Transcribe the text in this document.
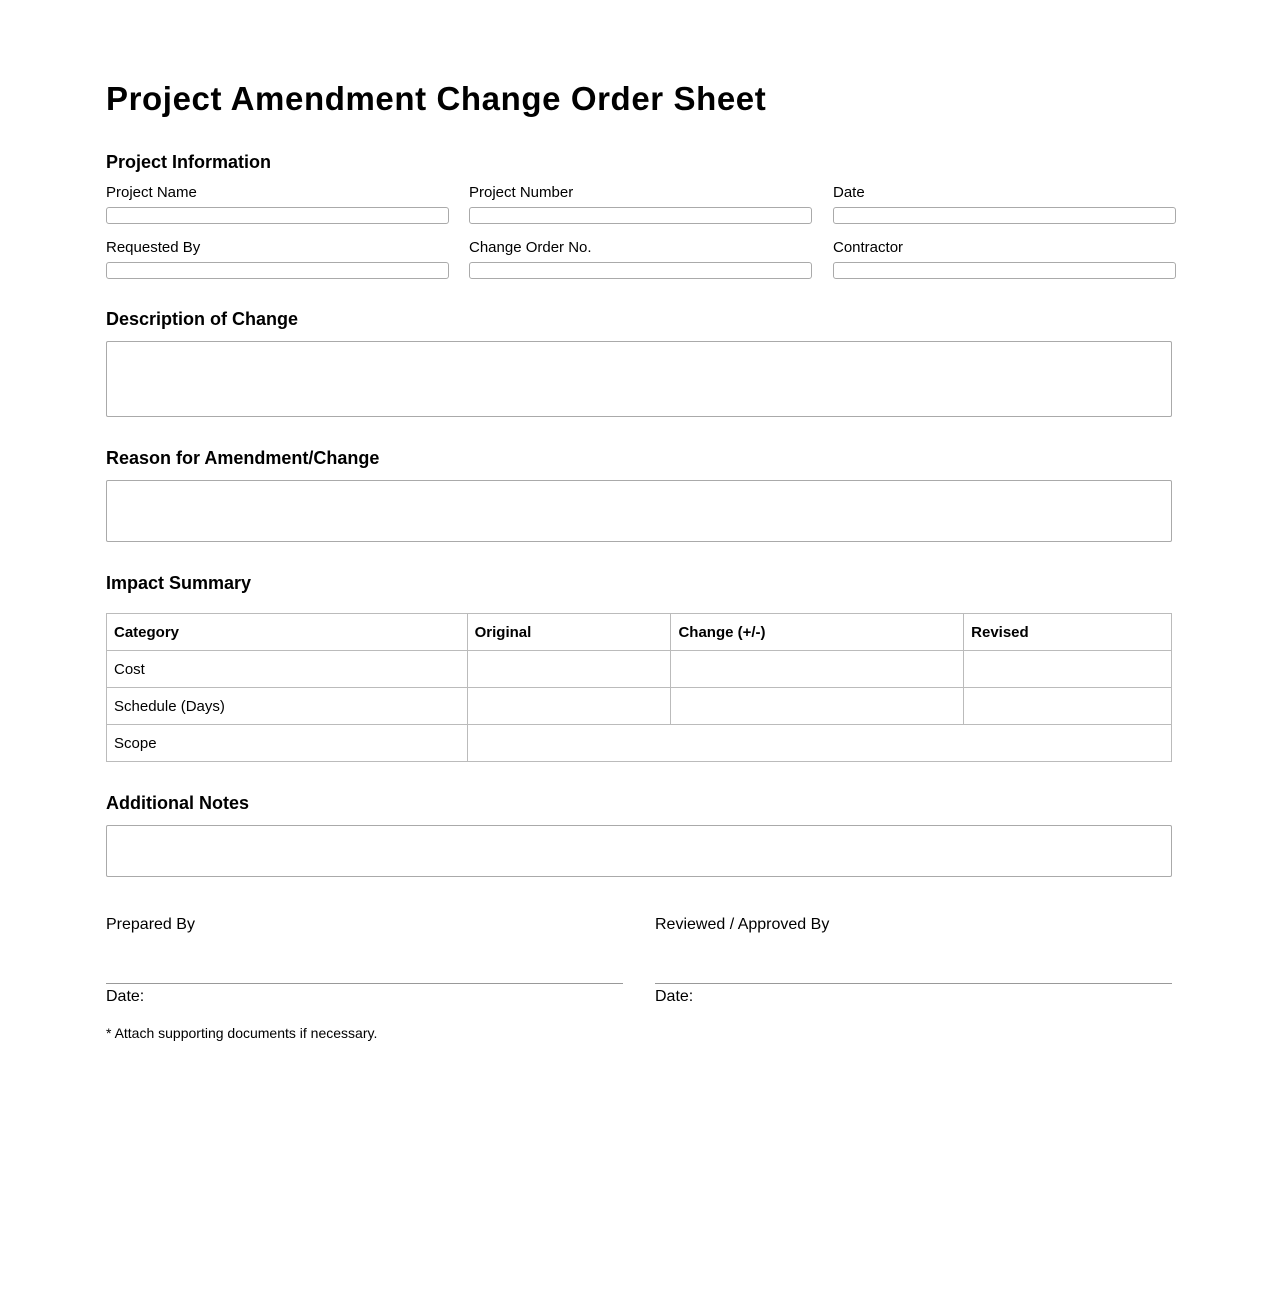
Project Amendment Change Order Sheet
Project Information
Project Name	Project Number	Date
Requested By	Change Order No.	Contractor
Description of Change
Reason for Amendment/Change
Impact Summary
Category	Original	Change (+/-)	Revised
Cost			
Schedule (Days)			
Scope			
Additional Notes
Prepared By
Date:
Reviewed / Approved By
Date:
* Attach supporting documents if necessary.
